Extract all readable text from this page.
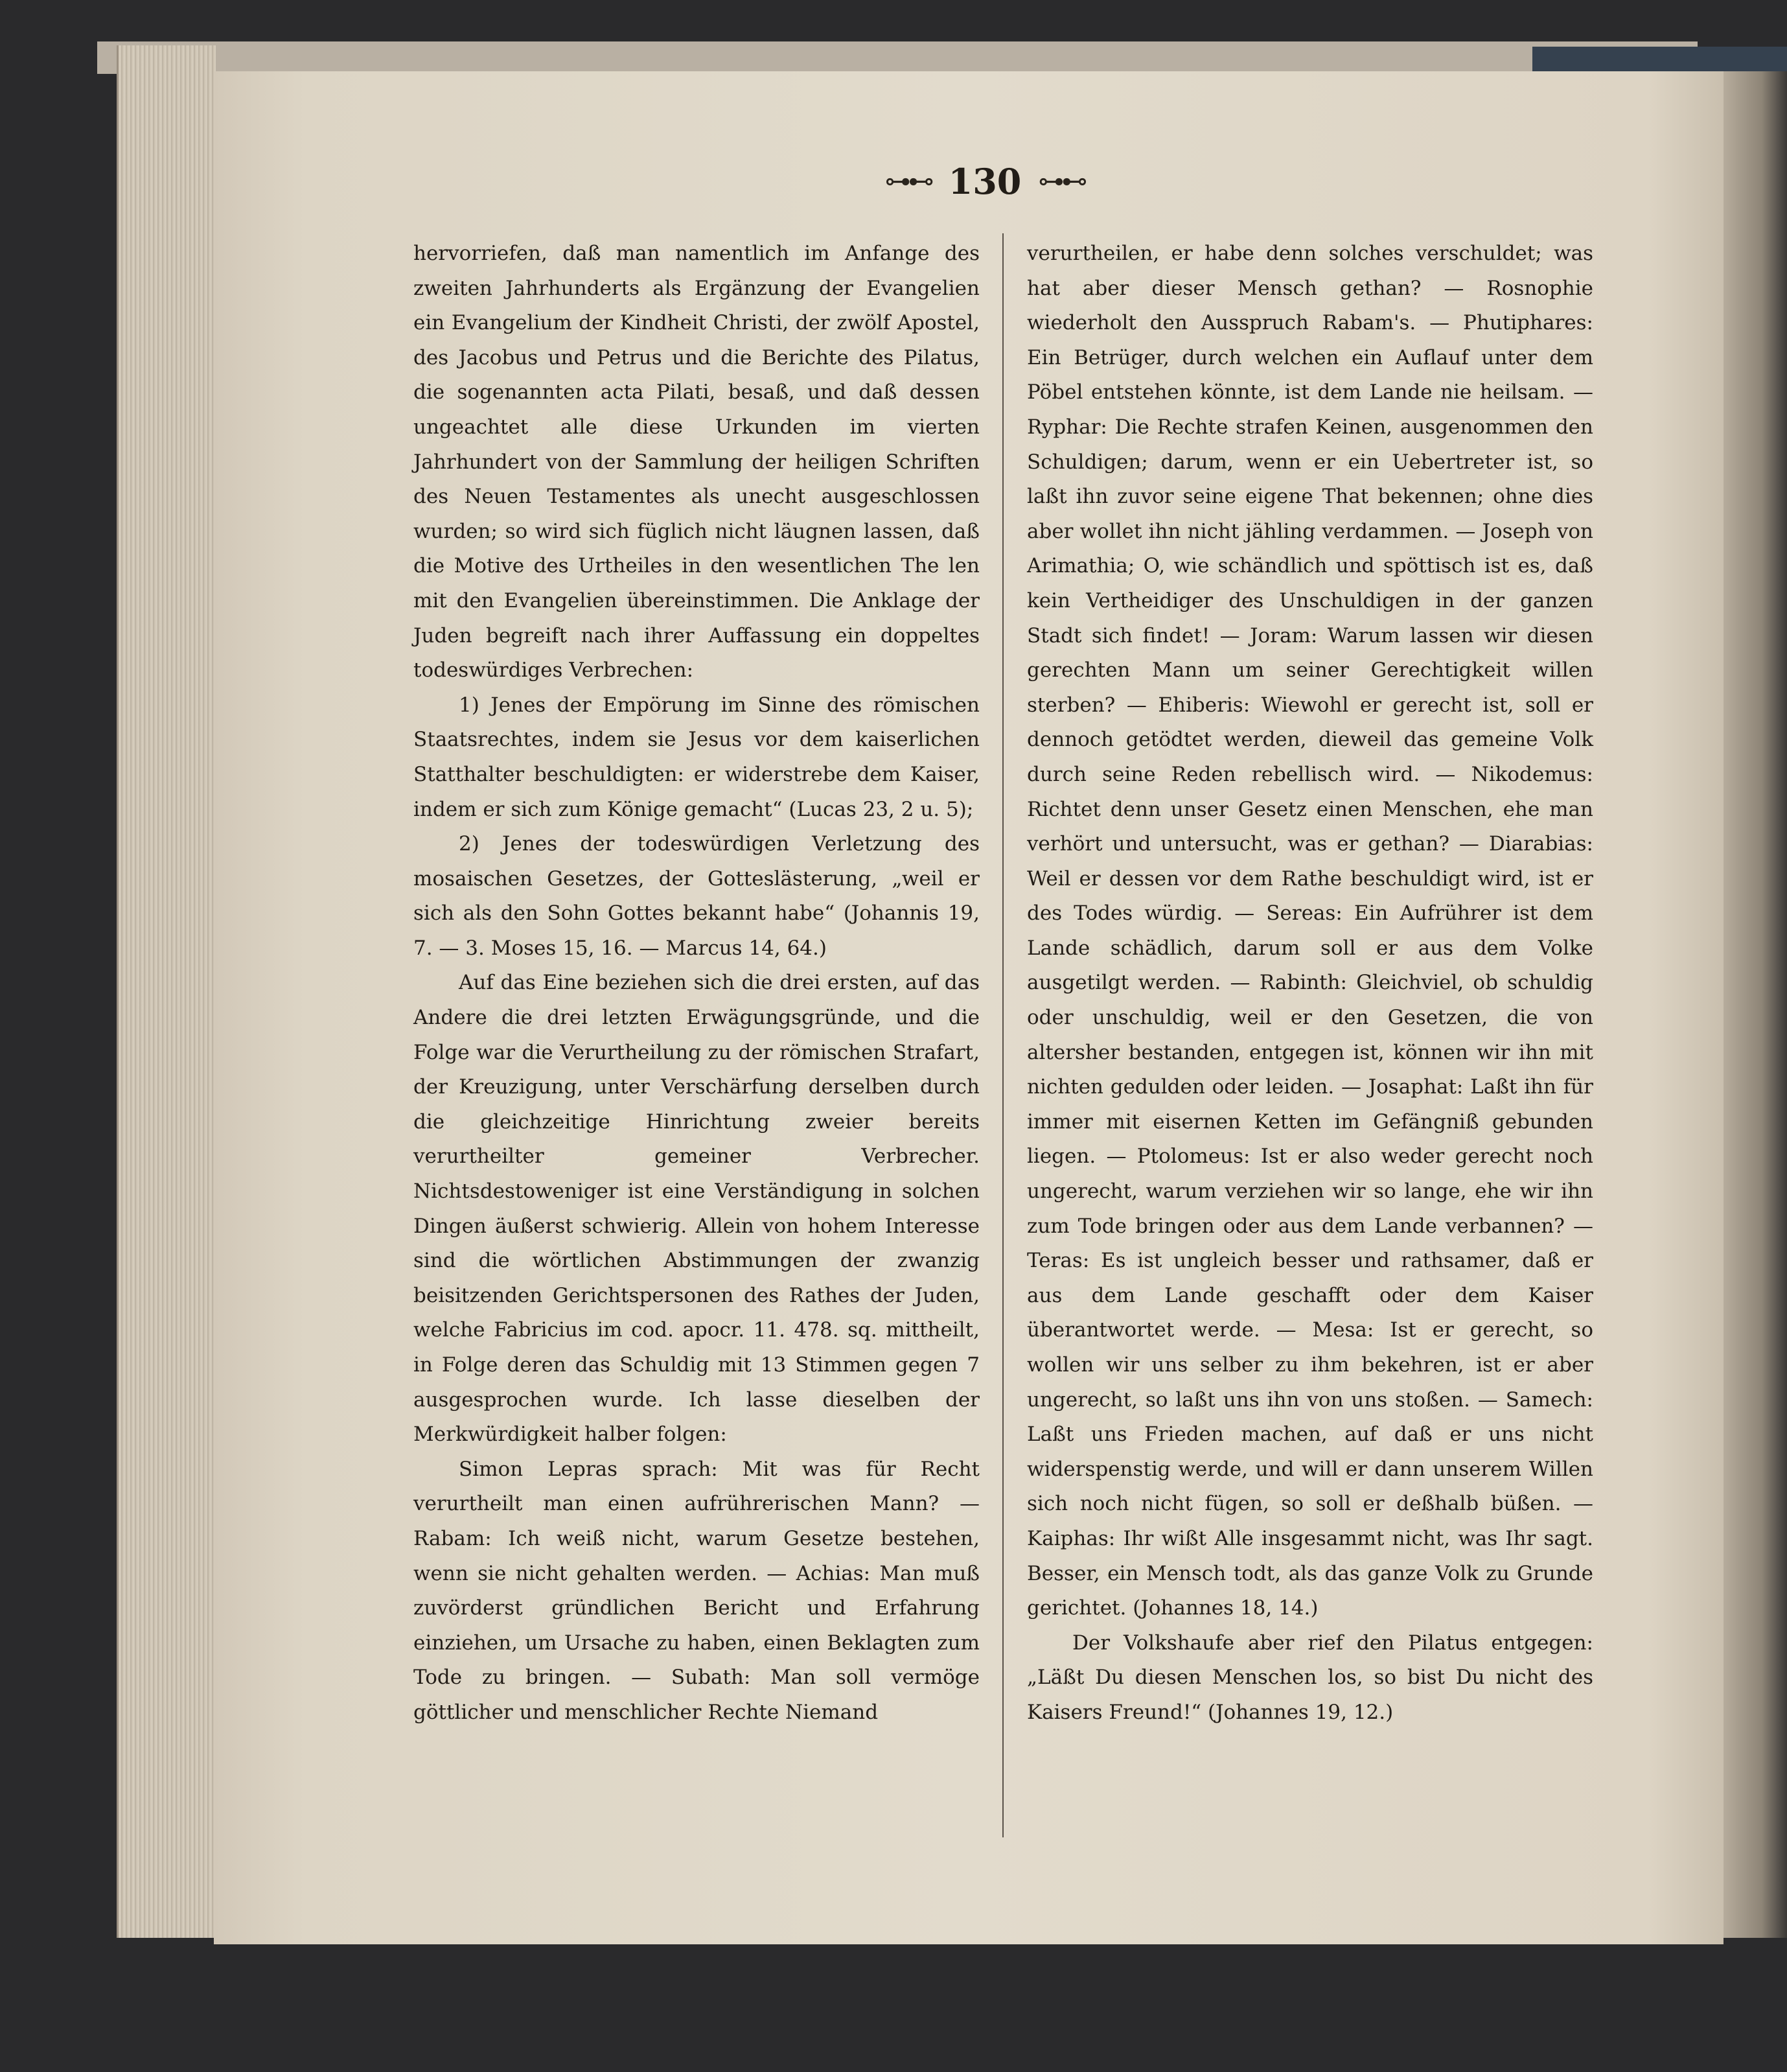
⊶⊷ 130 ⊶⊷

hervorriefen, daß man namentlich im Anfange des zweiten Jahrhunderts als Ergänzung der Evangelien ein Evangelium der Kindheit Christi, der zwölf Apostel, des Jacobus und Petrus und die Berichte des Pilatus, die sogenannten acta Pilati, besaß, und daß dessen ungeachtet alle diese Urkunden im vierten Jahrhundert von der Sammlung der heiligen Schriften des Neuen Testamentes als unecht ausgeschlossen wurden; so wird sich füglich nicht läugnen lassen, daß die Motive des Urtheiles in den wesentlichen The len mit den Evangelien übereinstimmen. Die Anklage der Juden begreift nach ihrer Auffassung ein doppeltes todeswürdiges Verbrechen:

1) Jenes der Empörung im Sinne des römischen Staatsrechtes, indem sie Jesus vor dem kaiserlichen Statthalter beschuldigten: er widerstrebe dem Kaiser, indem er sich zum Könige gemacht“ (Lucas 23, 2 u. 5);

2) Jenes der todeswürdigen Verletzung des mosaischen Gesetzes, der Gotteslästerung, „weil er sich als den Sohn Gottes bekannt habe“ (Johannis 19, 7. — 3. Moses 15, 16. — Marcus 14, 64.)

Auf das Eine beziehen sich die drei ersten, auf das Andere die drei letzten Erwägungsgründe, und die Folge war die Verurtheilung zu der römischen Strafart, der Kreuzigung, unter Verschärfung derselben durch die gleichzeitige Hinrichtung zweier bereits verurtheilter gemeiner Verbrecher. Nichtsdestoweniger ist eine Verständigung in solchen Dingen äußerst schwierig. Allein von hohem Interesse sind die wörtlichen Abstimmungen der zwanzig beisitzenden Gerichtspersonen des Rathes der Juden, welche Fabricius im cod. apocr. 11. 478. sq. mittheilt, in Folge deren das Schuldig mit 13 Stimmen gegen 7 ausgesprochen wurde. Ich lasse dieselben der Merkwürdigkeit halber folgen:

Simon Lepras sprach: Mit was für Recht verurtheilt man einen aufrührerischen Mann? — Rabam: Ich weiß nicht, warum Gesetze bestehen, wenn sie nicht gehalten werden. — Achias: Man muß zuvörderst gründlichen Bericht und Erfahrung einziehen, um Ursache zu haben, einen Beklagten zum Tode zu bringen. — Subath: Man soll vermöge göttlicher und menschlicher Rechte Niemand

verurtheilen, er habe denn solches verschuldet; was hat aber dieser Mensch gethan? — Rosnophie wiederholt den Ausspruch Rabam's. — Phutiphares: Ein Betrüger, durch welchen ein Auflauf unter dem Pöbel entstehen könnte, ist dem Lande nie heilsam. — Ryphar: Die Rechte strafen Keinen, ausgenommen den Schuldigen; darum, wenn er ein Uebertreter ist, so laßt ihn zuvor seine eigene That bekennen; ohne dies aber wollet ihn nicht jähling verdammen. — Joseph von Arimathia; O, wie schändlich und spöttisch ist es, daß kein Vertheidiger des Unschuldigen in der ganzen Stadt sich findet! — Joram: Warum lassen wir diesen gerechten Mann um seiner Gerechtigkeit willen sterben? — Ehiberis: Wiewohl er gerecht ist, soll er dennoch getödtet werden, dieweil das gemeine Volk durch seine Reden rebellisch wird. — Nikodemus: Richtet denn unser Gesetz einen Menschen, ehe man verhört und untersucht, was er gethan? — Diarabias: Weil er dessen vor dem Rathe beschuldigt wird, ist er des Todes würdig. — Sereas: Ein Aufrührer ist dem Lande schädlich, darum soll er aus dem Volke ausgetilgt werden. — Rabinth: Gleichviel, ob schuldig oder unschuldig, weil er den Gesetzen, die von altersher bestanden, entgegen ist, können wir ihn mit nichten gedulden oder leiden. — Josaphat: Laßt ihn für immer mit eisernen Ketten im Gefängniß gebunden liegen. — Ptolomeus: Ist er also weder gerecht noch ungerecht, warum verziehen wir so lange, ehe wir ihn zum Tode bringen oder aus dem Lande verbannen? — Teras: Es ist ungleich besser und rathsamer, daß er aus dem Lande geschafft oder dem Kaiser überantwortet werde. — Mesa: Ist er gerecht, so wollen wir uns selber zu ihm bekehren, ist er aber ungerecht, so laßt uns ihn von uns stoßen. — Samech: Laßt uns Frieden machen, auf daß er uns nicht widerspenstig werde, und will er dann unserem Willen sich noch nicht fügen, so soll er deßhalb büßen. — Kaiphas: Ihr wißt Alle insgesammt nicht, was Ihr sagt. Besser, ein Mensch todt, als das ganze Volk zu Grunde gerichtet. (Johannes 18, 14.)

Der Volkshaufe aber rief den Pilatus entgegen: „Läßt Du diesen Menschen los, so bist Du nicht des Kaisers Freund!“ (Johannes 19, 12.)
